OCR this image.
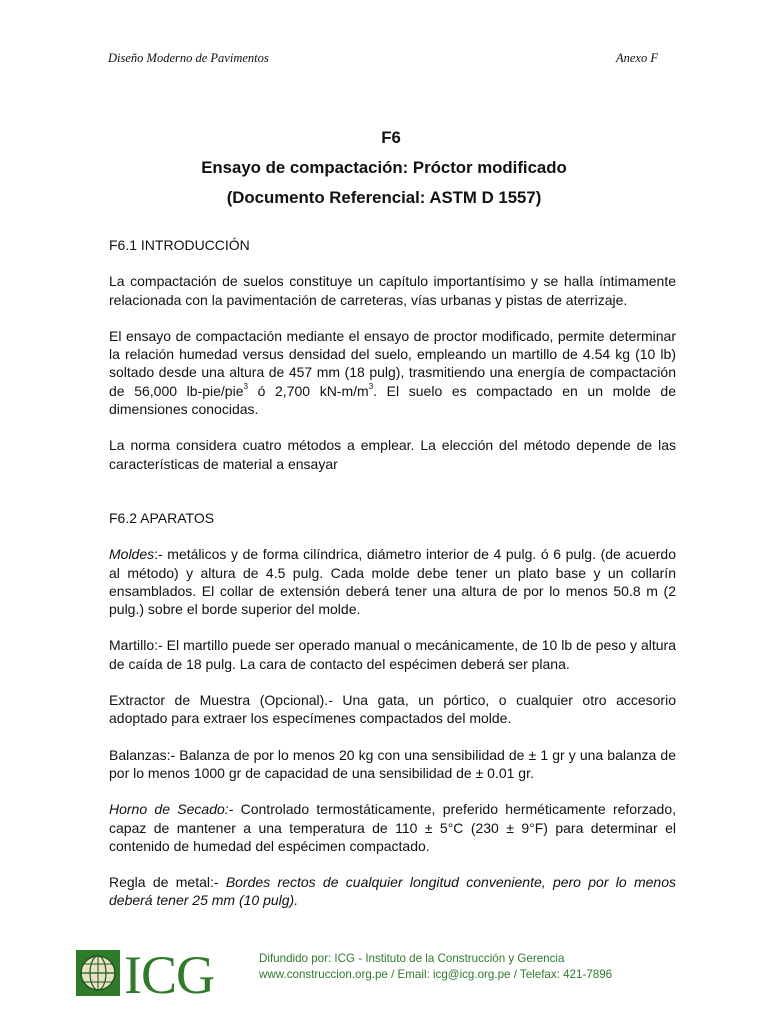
Diseño Moderno de Pavimentos	Anexo F
F6
Ensayo de compactación: Próctor modificado
(Documento Referencial: ASTM D 1557)

F6.1 INTRODUCCIÓN

La compactación de suelos constituye un capítulo importantísimo y se halla íntimamente relacionada con la pavimentación de carreteras, vías urbanas y pistas de aterrizaje.

El ensayo de compactación mediante el ensayo de proctor modificado, permite determinar la relación humedad versus densidad del suelo, empleando un martillo de 4.54 kg (10 lb) soltado desde una altura de 457 mm (18 pulg), trasmitiendo una energía de compactación de 56,000 lb-pie/pie$^3$ ó 2,700 $kN-m/m^3$. El suelo es compactado en un molde de dimensiones conocidas.

La norma considera cuatro métodos a emplear. La elección del método depende de las características de material a ensayar

F6.2 APARATOS

Moldes:- metálicos y de forma cilíndrica, diámetro interior de 4 pulg. ó 6 pulg. (de acuerdo al método) y altura de 4.5 pulg. Cada molde debe tener un plato base y un collarín ensamblados. El collar de extensión deberá tener una altura de por lo menos 50.8 m (2 pulg.) sobre el borde superior del molde.

Martillo:- El martillo puede ser operado manual o mecánicamente, de 10 lb de peso y altura de caída de 18 pulg. La cara de contacto del espécimen deberá ser plana.

Extractor de Muestra (Opcional).- Una gata, un pórtico, o cualquier otro accesorio adoptado para extraer los especímenes compactados del molde.

Balanzas:- Balanza de por lo menos 20 kg con una sensibilidad de ± 1 gr y una balanza de por lo menos 1000 gr de capacidad de una sensibilidad de ± 0.01 gr.

Horno de Secado:- Controlado termostáticamente, preferido herméticamente reforzado, capaz de mantener a una temperatura de 110 ± 5°C (230 ± 9°F) para determinar el contenido de humedad del espécimen compactado.

Regla de metal:- Bordes rectos de cualquier longitud conveniente, pero por lo menos deberá tener 25 mm (10 pulg).

ICG	Difundido por: ICG - Instituto de la Construcción y Gerencia
www.construccion.org.pe / Email: icg@icg.org.pe / Telefax: 421-7896
